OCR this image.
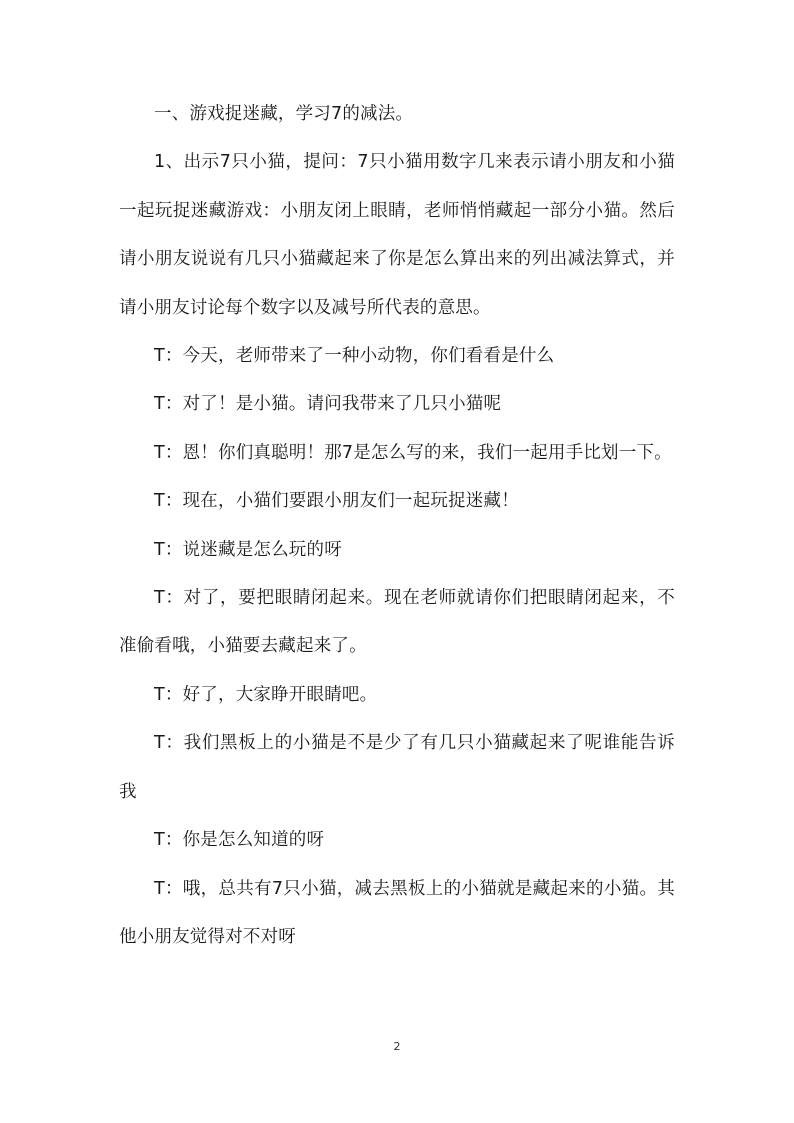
一、游戏捉迷藏，学习7的减法。

1、出示7只小猫，提问：7只小猫用数字几来表示请小朋友和小猫一起玩捉迷藏游戏：小朋友闭上眼睛，老师悄悄藏起一部分小猫。然后请小朋友说说有几只小猫藏起来了你是怎么算出来的列出减法算式，并请小朋友讨论每个数字以及减号所代表的意思。

T：今天，老师带来了一种小动物，你们看看是什么

T：对了！是小猫。请问我带来了几只小猫呢

T：恩！你们真聪明！那7是怎么写的来，我们一起用手比划一下。

T：现在，小猫们要跟小朋友们一起玩捉迷藏！

T：说迷藏是怎么玩的呀

T：对了，要把眼睛闭起来。现在老师就请你们把眼睛闭起来，不准偷看哦，小猫要去藏起来了。

T：好了，大家睁开眼睛吧。

T：我们黑板上的小猫是不是少了有几只小猫藏起来了呢谁能告诉我

T：你是怎么知道的呀

T：哦，总共有7只小猫，减去黑板上的小猫就是藏起来的小猫。其他小朋友觉得对不对呀

2
